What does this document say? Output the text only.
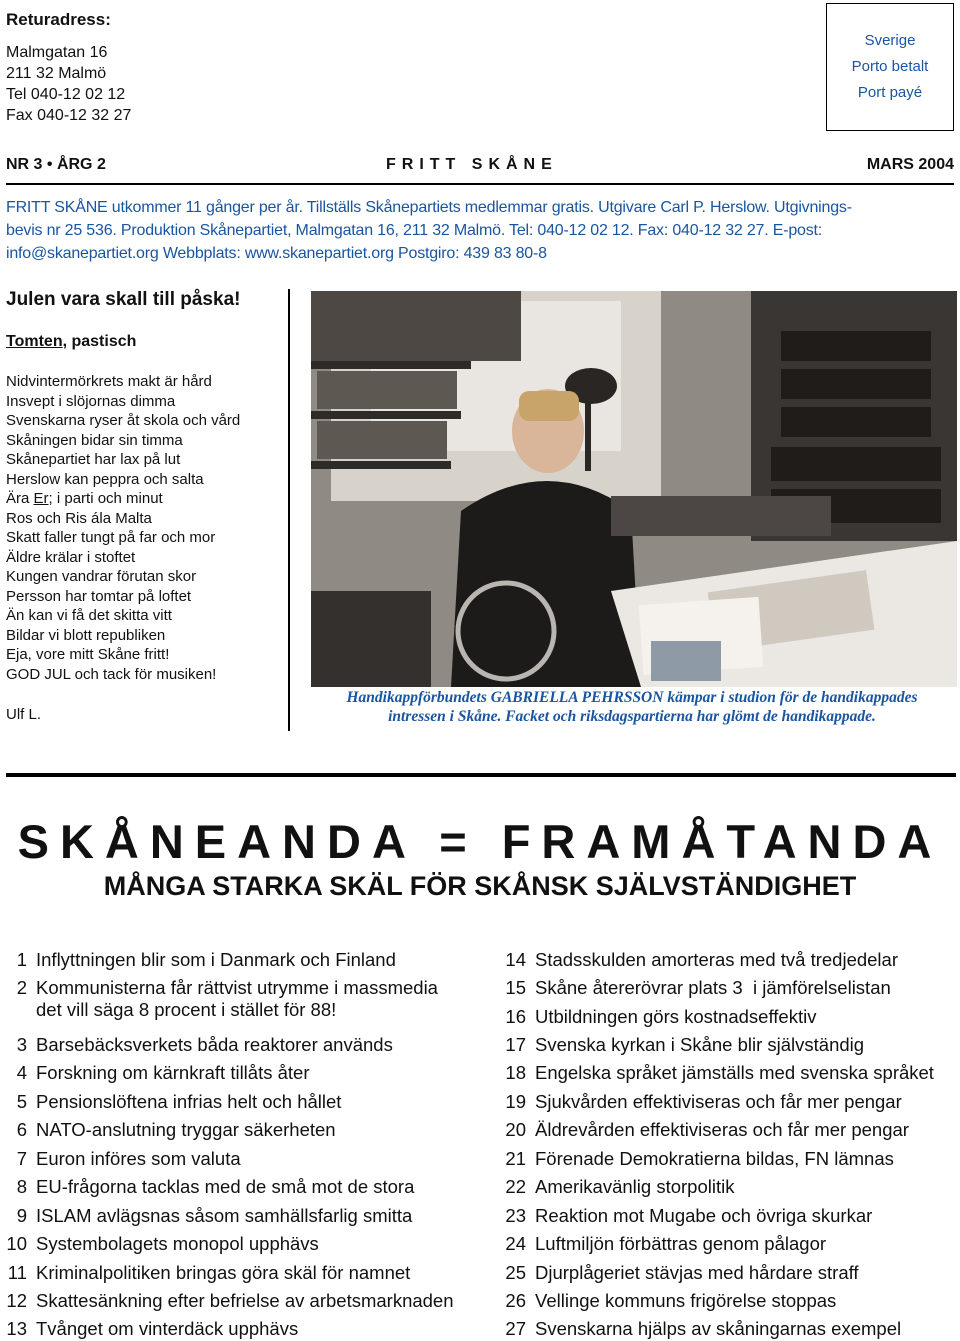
Returadress:
Malmgatan 16
211 32 Malmö
Tel 040-12 02 12
Fax 040-12 32 27
Sverige
Porto betalt
Port payé
NR 3 • ÅRG 2	FRITT SKÅNE	MARS 2004
FRITT SKÅNE utkommer 11 gånger per år. Tillställs Skånepartiets medlemmar gratis. Utgivare Carl P. Herslow. Utgivnings-
bevis nr 25 536. Produktion Skånepartiet, Malmgatan 16, 211 32 Malmö. Tel: 040-12 02 12. Fax: 040-12 32 27. E-post:
info@skanepartiet.org Webbplats: www.skanepartiet.org Postgiro: 439 83 80-8
Julen vara skall till påska!
Tomten, pastisch
Nidvintermörkrets makt är hård
Insvept i slöjornas dimma
Svenskarna ryser åt skola och vård
Skåningen bidar sin timma
Skånepartiet har lax på lut
Herslow kan peppra och salta
Ära Er; i parti och minut
Ros och Ris ála Malta
Skatt faller tungt på far och mor
Äldre krälar i stoftet
Kungen vandrar förutan skor
Persson har tomtar på loftet
Än kan vi få det skitta vitt
Bildar vi blott republiken
Eja, vore mitt Skåne fritt!
GOD JUL och tack för musiken!
Ulf L.
Handikappförbundets GABRIELLA PEHRSSON kämpar i studion för de handikappades
intressen i Skåne. Facket och riksdagspartierna har glömt de handikappade.
SKÅNEANDA = FRAMÅTANDA
MÅNGA STARKA SKÄL FÖR SKÅNSK SJÄLVSTÄNDIGHET
1 Inflyttningen blir som i Danmark och Finland
2 Kommunisterna får rättvist utrymme i massmedia
det vill säga 8 procent i stället för 88!
3 Barsebäcksverkets båda reaktorer används
4 Forskning om kärnkraft tillåts åter
5 Pensionslöftena infrias helt och hållet
6 NATO-anslutning tryggar säkerheten
7 Euron införes som valuta
8 EU-frågorna tacklas med de små mot de stora
9 ISLAM avlägsnas såsom samhällsfarlig smitta
10 Systembolagets monopol upphävs
11 Kriminalpolitiken bringas göra skäl för namnet
12 Skattesänkning efter befrielse av arbetsmarknaden
13 Tvånget om vinterdäck upphävs
14 Stadsskulden amorteras med två tredjedelar
15 Skåne återerövrar plats 3  i jämförelselistan
16 Utbildningen görs kostnadseffektiv
17 Svenska kyrkan i Skåne blir självständig
18 Engelska språket jämställs med svenska språket
19 Sjukvården effektiviseras och får mer pengar
20 Äldrevården effektiviseras och får mer pengar
21 Förenade Demokratierna bildas, FN lämnas
22 Amerikavänlig storpolitik
23 Reaktion mot Mugabe och övriga skurkar
24 Luftmiljön förbättras genom pålagor
25 Djurplågeriet stävjas med hårdare straff
26 Vellinge kommuns frigörelse stoppas
27 Svenskarna hjälps av skåningarnas exempel
